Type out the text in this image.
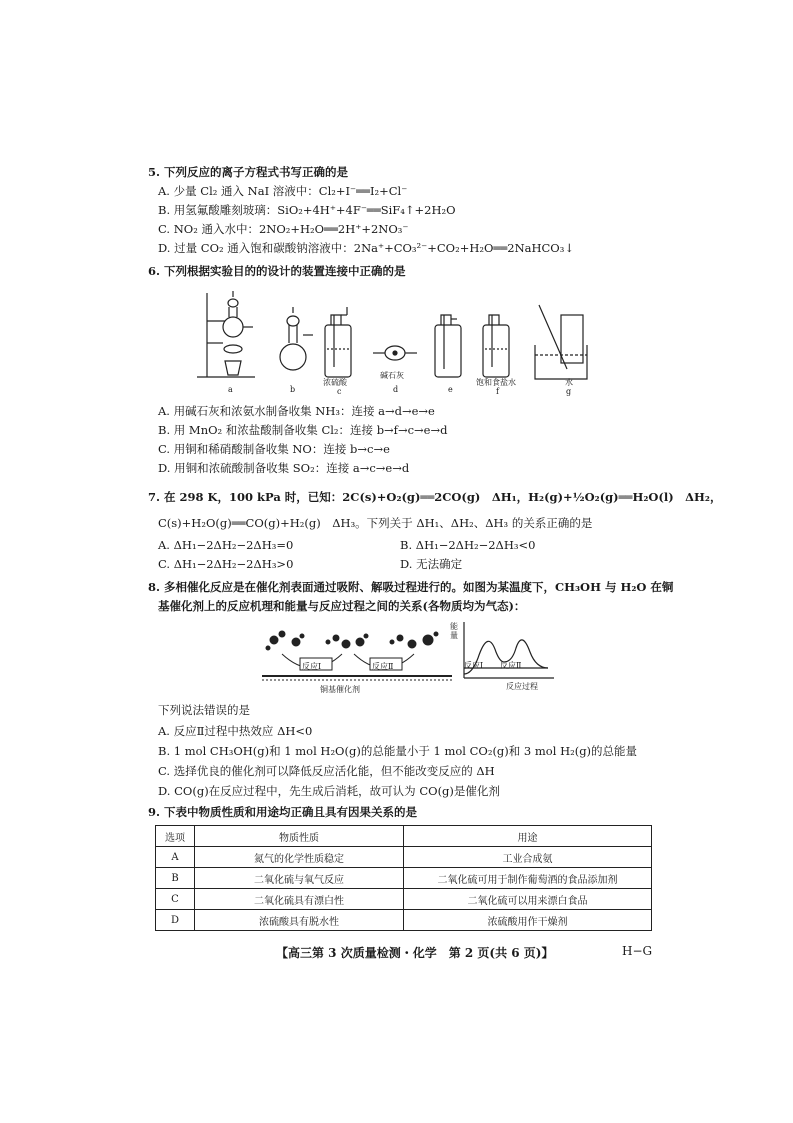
5. 下列反应的离子方程式书写正确的是
A. 少量 Cl₂ 通入 NaI 溶液中：Cl₂+I⁻══I₂+Cl⁻
B. 用氢氟酸雕刻玻璃：SiO₂+4H⁺+4F⁻══SiF₄↑+2H₂O
C. NO₂ 通入水中：2NO₂+H₂O══2H⁺+2NO₃⁻
D. 过量 CO₂ 通入饱和碳酸钠溶液中：2Na⁺+CO₃²⁻+CO₂+H₂O══2NaHCO₃↓
6. 下列根据实验目的的设计的装置连接中正确的是
a	b
浓硫酸
c
碱石灰
d	e
饱和食盐水
f
水
g
A. 用碱石灰和浓氨水制备收集 NH₃：连接 a→d→e→e
B. 用 MnO₂ 和浓盐酸制备收集 Cl₂：连接 b→f→c→e→d
C. 用铜和稀硝酸制备收集 NO：连接 b→c→e
D. 用铜和浓硫酸制备收集 SO₂：连接 a→c→e→d
7. 在 298 K，100 kPa 时，已知：2C(s)+O₂(g)══2CO(g)　ΔH₁，H₂(g)+½O₂(g)══H₂O(l)　ΔH₂，
C(s)+H₂O(g)══CO(g)+H₂(g)　ΔH₃。下列关于 ΔH₁、ΔH₂、ΔH₃ 的关系正确的是
A. ΔH₁−2ΔH₂−2ΔH₃=0	B. ΔH₁−2ΔH₂−2ΔH₃<0
C. ΔH₁−2ΔH₂−2ΔH₃>0	D. 无法确定
8. 多相催化反应是在催化剂表面通过吸附、解吸过程进行的。如图为某温度下，CH₃OH 与 H₂O 在铜
基催化剂上的反应机理和能量与反应过程之间的关系(各物质均为气态)：
反应Ⅰ	反应Ⅱ
铜基催化剂
能量
反应Ⅰ 反应Ⅱ
反应过程
下列说法错误的是
A. 反应Ⅱ过程中热效应 ΔH<0
B. 1 mol CH₃OH(g)和 1 mol H₂O(g)的总能量小于 1 mol CO₂(g)和 3 mol H₂(g)的总能量
C. 选择优良的催化剂可以降低反应活化能，但不能改变反应的 ΔH
D. CO(g)在反应过程中，先生成后消耗，故可认为 CO(g)是催化剂
9. 下表中物质性质和用途均正确且具有因果关系的是
选项	物质性质	用途
A	氮气的化学性质稳定	工业合成氨
B	二氧化硫与氧气反应	二氧化硫可用于制作葡萄酒的食品添加剂
C	二氧化硫具有漂白性	二氧化硫可以用来漂白食品
D	浓硫酸具有脱水性	浓硫酸用作干燥剂
【高三第 3 次质量检测・化学　第 2 页(共 6 页)】	H−G
